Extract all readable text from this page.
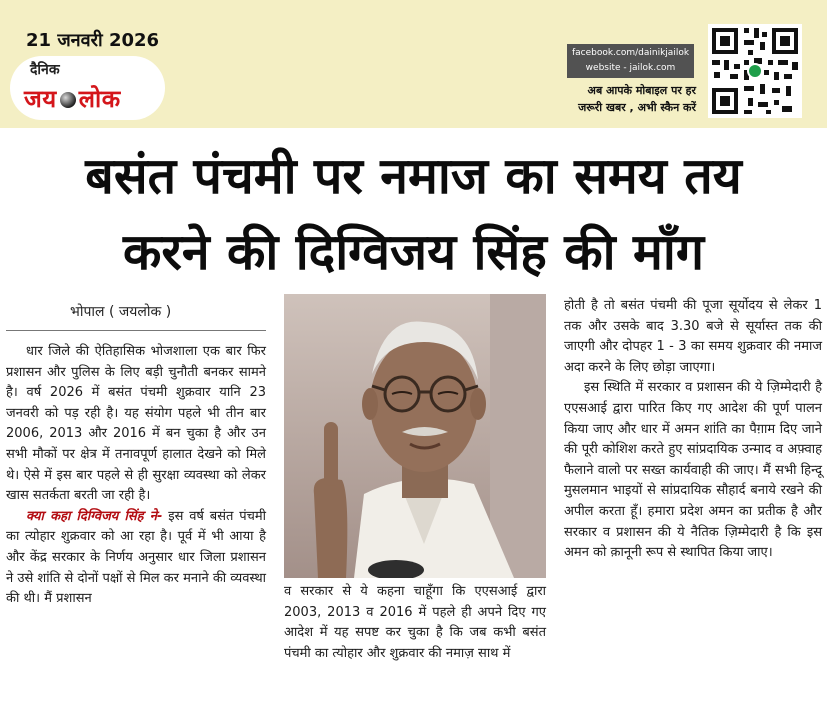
21 जनवरी 2026
दैनिक
जय लोक
facebook.com/dainikjailok
website - jailok.com
अब आपके मोबाइल पर हर
जरूरी खबर , अभी स्कैन करें
बसंत पंचमी पर नमाज का समय तय
करने की दिग्विजय सिंह की माँग
भोपाल ( जयलोक )

धार जिले की ऐतिहासिक भोजशाला एक बार फिर प्रशासन और पुलिस के लिए बड़ी चुनौती बनकर सामने है। वर्ष 2026 में बसंत पंचमी शुक्रवार यानि 23 जनवरी को पड़ रही है। यह संयोग पहले भी तीन बार 2006, 2013 और 2016 में बन चुका है और उन सभी मौकों पर क्षेत्र में तनावपूर्ण हालात देखने को मिले थे। ऐसे में इस बार पहले से ही सुरक्षा व्यवस्था को लेकर खास सतर्कता बरती जा रही है।

क्या कहा दिग्विजय सिंह ने- इस वर्ष बसंत पंचमी का त्योहार शुक्रवार को आ रहा है। पूर्व में भी आया है और केंद्र सरकार के निर्णय अनुसार धार जिला प्रशासन ने उसे शांति से दोनों पक्षों से मिल कर मनाने की व्यवस्था की थी। मैं प्रशासन	व सरकार से ये कहना चाहूँगा कि एएसआई द्वारा 2003, 2013 व 2016 में पहले ही अपने दिए गए आदेश में यह सपष्ट कर चुका है कि जब कभी बसंत पंचमी का त्योहार और शुक्रवार की नमाज़ साथ में

होती है तो बसंत पंचमी की पूजा सूर्योदय से लेकर 1 तक और उसके बाद 3.30 बजे से सूर्यास्त तक की जाएगी और दोपहर 1 - 3 का समय शुक्रवार की नमाज अदा करने के लिए छोड़ा जाएगा।

इस स्थिति में सरकार व प्रशासन की ये ज़िम्मेदारी है एएसआई द्वारा पारित किए गए आदेश की पूर्ण पालन किया जाए और धार में अमन शांति का पैग़ाम दिए जाने की पूरी कोशिश करते हुए सांप्रदायिक उन्माद व अफ़्वाह फैलाने वालो पर सख्त कार्यवाही की जाए। मैं सभी हिन्दू मुसलमान भाइयों से सांप्रदायिक सौहार्द बनाये रखने की अपील करता हूँ। हमारा प्रदेश अमन का प्रतीक है और सरकार व प्रशासन की ये नैतिक ज़िम्मेदारी है कि इस अमन को क़ानूनी रूप से स्थापित किया जाए।
